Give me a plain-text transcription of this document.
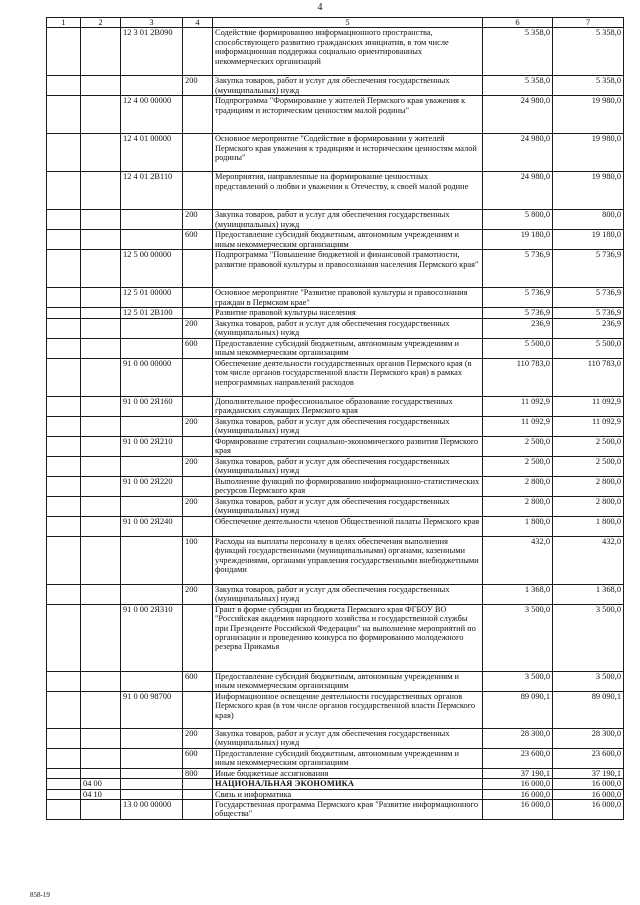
4
1	2	3	4	5	6	7
		12 3 01 2В090		Содействие формированию информационного пространства, способствующего развитию гражданских инициатив, в том числе информационная поддержка социально ориентированных некоммерческих организаций	5 358,0	5 358,0
			200	Закупка товаров, работ и услуг для обеспечения государственных (муниципальных) нужд	5 358,0	5 358,0
		12 4 00 00000		Подпрограмма "Формирование у жителей Пермского края уважения к традициям и историческим ценностям малой родины"	24 980,0	19 980,0
		12 4 01 00000		Основное мероприятие "Содействие в формировании у жителей Пермского края уважения к традициям и историческим ценностям малой родины"	24 980,0	19 980,0
		12 4 01 2В110		Мероприятия, направленные на формирование ценностных представлений о любви и уважении к Отечеству, к своей малой родине	24 980,0	19 980,0
			200	Закупка товаров, работ и услуг для обеспечения государственных (муниципальных) нужд	5 800,0	800,0
			600	Предоставление субсидий бюджетным, автономным учреждениям и иным некоммерческим организациям	19 180,0	19 180,0
		12 5 00 00000		Подпрограмма "Повышение бюджетной и финансовой грамотности, развитие правовой культуры и правосознания населения Пермского края"	5 736,9	5 736,9
		12 5 01 00000		Основное мероприятие "Развитие правовой культуры и правосознания граждан в Пермском крае"	5 736,9	5 736,9
		12 5 01 2В100		Развитие правовой культуры населения	5 736,9	5 736,9
			200	Закупка товаров, работ и услуг для обеспечения государственных (муниципальных) нужд	236,9	236,9
			600	Предоставление субсидий бюджетным, автономным учреждениям и иным некоммерческим организациям	5 500,0	5 500,0
		91 0 00 00000		Обеспечение деятельности государственных органов Пермского края (в том числе органов государственной власти Пермского края) в рамках непрограммных направлений расходов	110 783,0	110 783,0
		91 0 00 2Я160		Дополнительное профессиональное образование государственных гражданских служащих Пермского края	11 092,9	11 092,9
			200	Закупка товаров, работ и услуг для обеспечения государственных (муниципальных) нужд	11 092,9	11 092,9
		91 0 00 2Я210		Формирование стратегии социально-экономического развития Пермского края	2 500,0	2 500,0
			200	Закупка товаров, работ и услуг для обеспечения государственных (муниципальных) нужд	2 500,0	2 500,0
		91 0 00 2Я220		Выполнение функций по формированию информационно-статистических ресурсов Пермского края	2 800,0	2 800,0
			200	Закупка товаров, работ и услуг для обеспечения государственных (муниципальных) нужд	2 800,0	2 800,0
		91 0 00 2Я240		Обеспечение деятельности членов Общественной палаты Пермского края	1 800,0	1 800,0
			100	Расходы на выплаты персоналу в целях обеспечения выполнения функций государственными (муниципальными) органами, казенными учреждениями, органами управления государственными внебюджетными фондами	432,0	432,0
			200	Закупка товаров, работ и услуг для обеспечения государственных (муниципальных) нужд	1 368,0	1 368,0
		91 0 00 2Я310		Грант в форме субсидии из бюджета Пермского края ФГБОУ ВО "Российская академия народного хозяйства и государственной службы при Президенте Российской Федерации" на выполнение мероприятий по организации и проведению конкурса по формированию молодежного резерва Прикамья	3 500,0	3 500,0
			600	Предоставление субсидий бюджетным, автономным учреждениям и иным некоммерческим организациям	3 500,0	3 500,0
		91 0 00 98700		Информационное освещение деятельности государственных органов Пермского края (в том числе органов государственной власти Пермского края)	89 090,1	89 090,1
			200	Закупка товаров, работ и услуг для обеспечения государственных (муниципальных) нужд	28 300,0	28 300,0
			600	Предоставление субсидий бюджетным, автономным учреждениям и иным некоммерческим организациям	23 600,0	23 600,0
			800	Иные бюджетные ассигнования	37 190,1	37 190,1
	04 00			НАЦИОНАЛЬНАЯ ЭКОНОМИКА	16 000,0	16 000,0
	04 10			Связь и информатика	16 000,0	16 000,0
		13 0 00 00000		Государственная программа Пермского края "Развитие информационного общества"	16 000,0	16 000,0
858-19
